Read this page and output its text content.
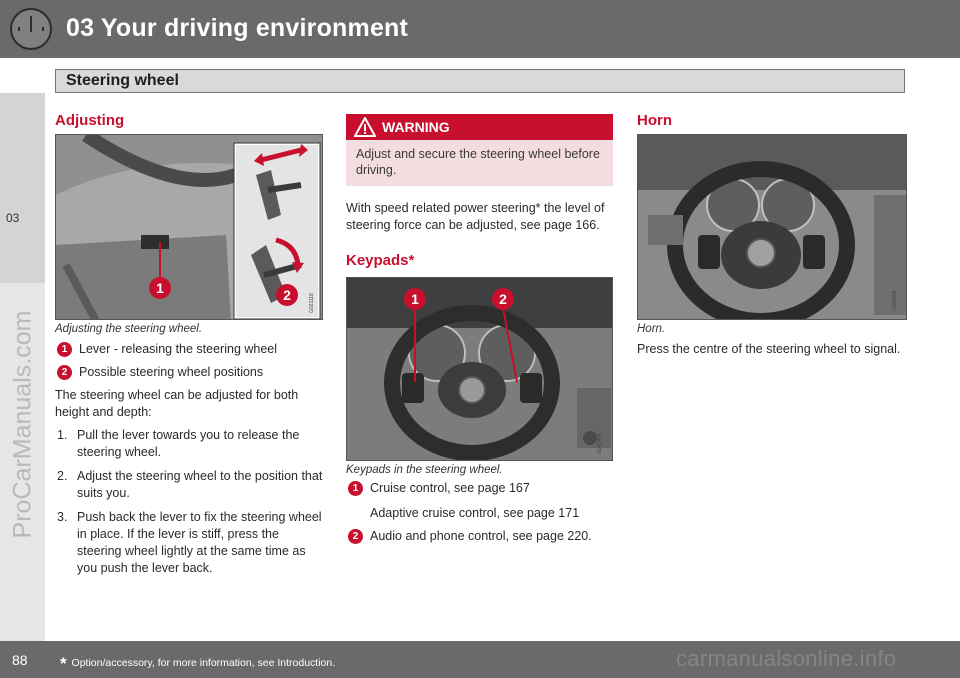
03 Your driving environment
Steering wheel
03
ProCarManuals.com
Adjusting
1	2	G021118
Adjusting the steering wheel.
1 Lever - releasing the steering wheel
2 Possible steering wheel positions

The steering wheel can be adjusted for both height and depth:

1. Pull the lever towards you to release the steering wheel.
2. Adjust the steering wheel to the position that suits you.
3. Push back the lever to fix the steering wheel in place. If the lever is stiff, press the steering wheel lightly at the same time as you push the lever back.
WARNING
Adjust and secure the steering wheel before driving.

With speed related power steering* the level of steering force can be adjusted, see page 166.

Keypads*
1	2
G042464
Keypads in the steering wheel.
1 Cruise control, see page 167
Adaptive cruise control, see page 171
2 Audio and phone control, see page 220.
Horn
G042465
Horn.

Press the centre of the steering wheel to signal.

88 * Option/accessory, for more information, see Introduction.	carmanualsonline.info
